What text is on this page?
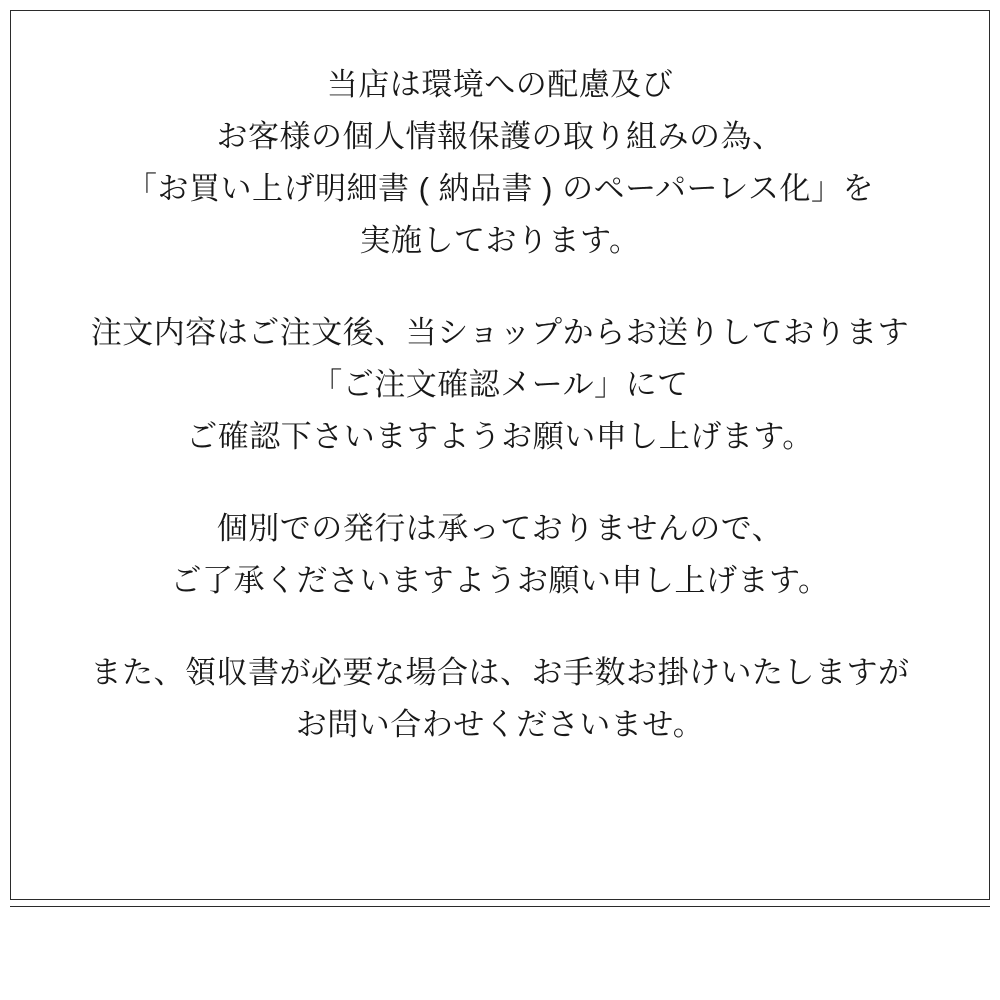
当店は環境への配慮及び
お客様の個人情報保護の取り組みの為、
「お買い上げ明細書 ( 納品書 ) のペーパーレス化」を
実施しております。
注文内容はご注文後、当ショップからお送りしております
「ご注文確認メール」にて
ご確認下さいますようお願い申し上げます。
個別での発行は承っておりませんので、
ご了承くださいますようお願い申し上げます。
また、領収書が必要な場合は、お手数お掛けいたしますが
お問い合わせくださいませ。
